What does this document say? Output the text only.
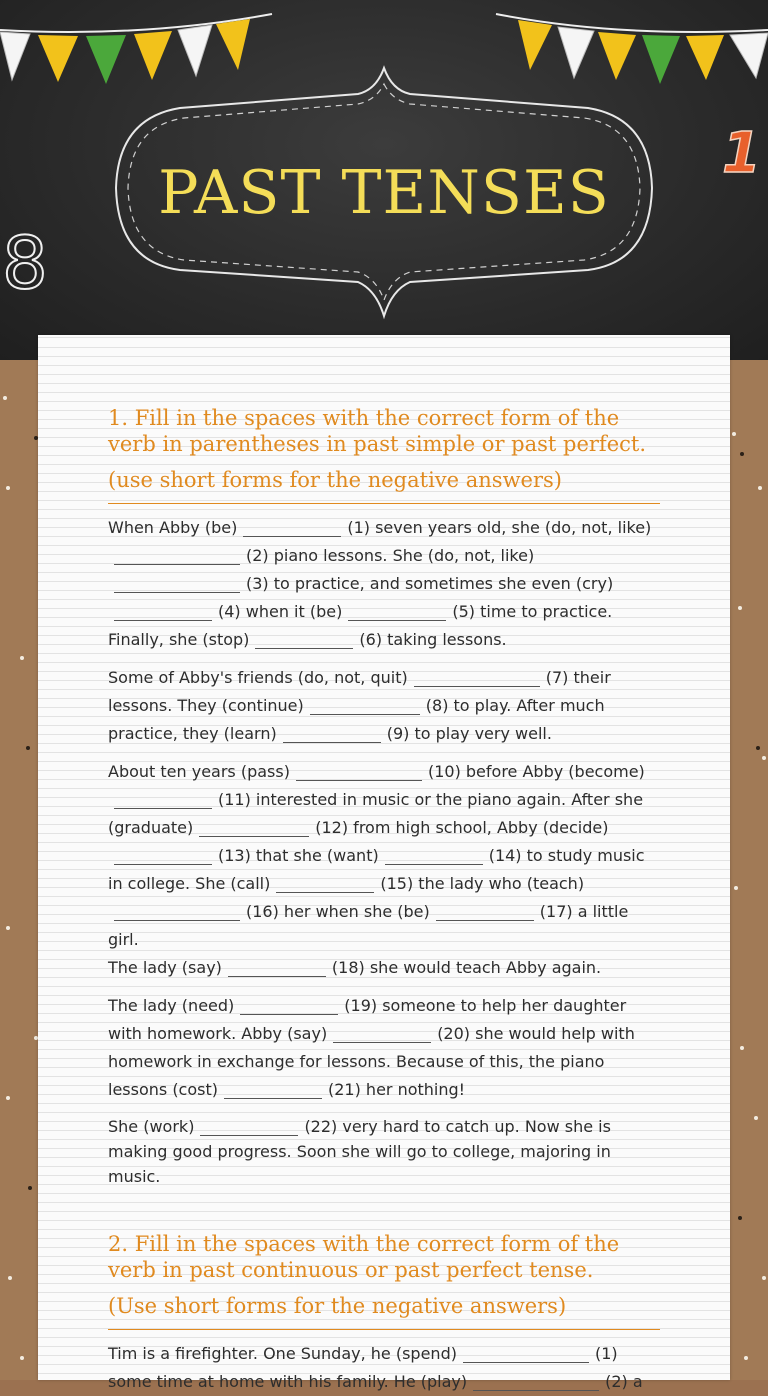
8
1
PAST TENSES
1. Fill in the spaces with the correct form of the verb in parentheses in past simple or past perfect.
(use short forms for the negative answers)
When Abby (be)	(1) seven years old, she (do, not, like)
(2) piano lessons. She (do, not, like)
(3) to practice, and sometimes she even (cry)
(4) when it (be)	(5) time to practice.
Finally, she (stop)	(6) taking lessons.
Some of Abby's friends (do, not, quit)	(7) their
lessons. They (continue)	(8) to play. After much
practice, they (learn)	(9) to play very well.
About ten years (pass)	(10) before Abby (become)
(11) interested in music or the piano again. After she
(graduate)	(12) from high school, Abby (decide)
(13) that she (want)	(14) to study music
in college. She (call)	(15) the lady who (teach)
(16) her when she (be)	(17) a little girl.
The lady (say)	(18) she would teach Abby again.
The lady (need)	(19) someone to help her daughter
with homework. Abby (say)	(20) she would help with
homework in exchange for lessons. Because of this, the piano
lessons (cost)	(21) her nothing!
She (work)	(22) very hard to catch up. Now she is
making good progress. Soon she will go to college, majoring in
music.
2. Fill in the spaces with the correct form of the verb in past continuous or past perfect tense.
(Use short forms for the negative answers)
Tim is a firefighter. One Sunday, he (spend)	(1)
some time at home with his family. He (play)	(2) a
